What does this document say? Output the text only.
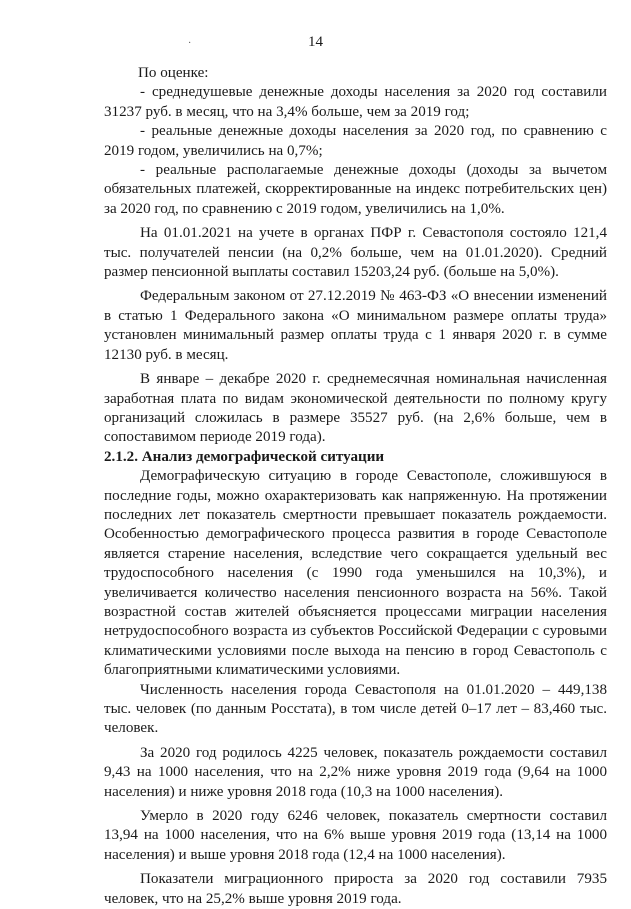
·	14

По оценке:

- среднедушевые денежные доходы населения за 2020 год составили 31237 руб. в месяц, что на 3,4% больше, чем за 2019 год;

- реальные денежные доходы населения за 2020 год, по сравнению с 2019 годом, увеличились на 0,7%;

- реальные располагаемые денежные доходы (доходы за вычетом обязательных платежей, скорректированные на индекс потребительских цен) за 2020 год, по сравнению с 2019 годом, увеличились на 1,0%.

На 01.01.2021 на учете в органах ПФР г. Севастополя состояло 121,4 тыс. получателей пенсии (на 0,2% больше, чем на 01.01.2020). Средний размер пенсионной выплаты составил 15203,24 руб. (больше на 5,0%).

Федеральным законом от 27.12.2019 № 463-ФЗ «О внесении изменений в статью 1 Федерального закона «О минимальном размере оплаты труда» установлен минимальный размер оплаты труда с 1 января 2020 г. в сумме 12130 руб. в месяц.

В январе – декабре 2020 г. среднемесячная номинальная начисленная заработная плата по видам экономической деятельности по полному кругу организаций сложилась в размере 35527 руб. (на 2,6% больше, чем в сопоставимом периоде 2019 года).

2.1.2. Анализ демографической ситуации

Демографическую ситуацию в городе Севастополе, сложившуюся в последние годы, можно охарактеризовать как напряженную. На протяжении последних лет показатель смертности превышает показатель рождаемости. Особенностью демографического процесса развития в городе Севастополе является старение населения, вследствие чего сокращается удельный вес трудоспособного населения (с 1990 года уменьшился на 10,3%), и увеличивается количество населения пенсионного возраста на 56%. Такой возрастной состав жителей объясняется процессами миграции населения нетрудоспособного возраста из субъектов Российской Федерации с суровыми климатическими условиями после выхода на пенсию в город Севастополь с благоприятными климатическими условиями.

Численность населения города Севастополя на 01.01.2020 – 449,138 тыс. человек (по данным Росстата), в том числе детей 0–17 лет – 83,460 тыс. человек.

За 2020 год родилось 4225 человек, показатель рождаемости составил 9,43 на 1000 населения, что на 2,2% ниже уровня 2019 года (9,64 на 1000 населения) и ниже уровня 2018 года (10,3 на 1000 населения).

Умерло в 2020 году 6246 человек, показатель смертности составил 13,94 на 1000 населения, что на 6% выше уровня 2019 года (13,14 на 1000 населения) и выше уровня 2018 года (12,4 на 1000 населения).

Показатели миграционного прироста за 2020 год составили 7935 человек, что на 25,2% выше уровня 2019 года.
